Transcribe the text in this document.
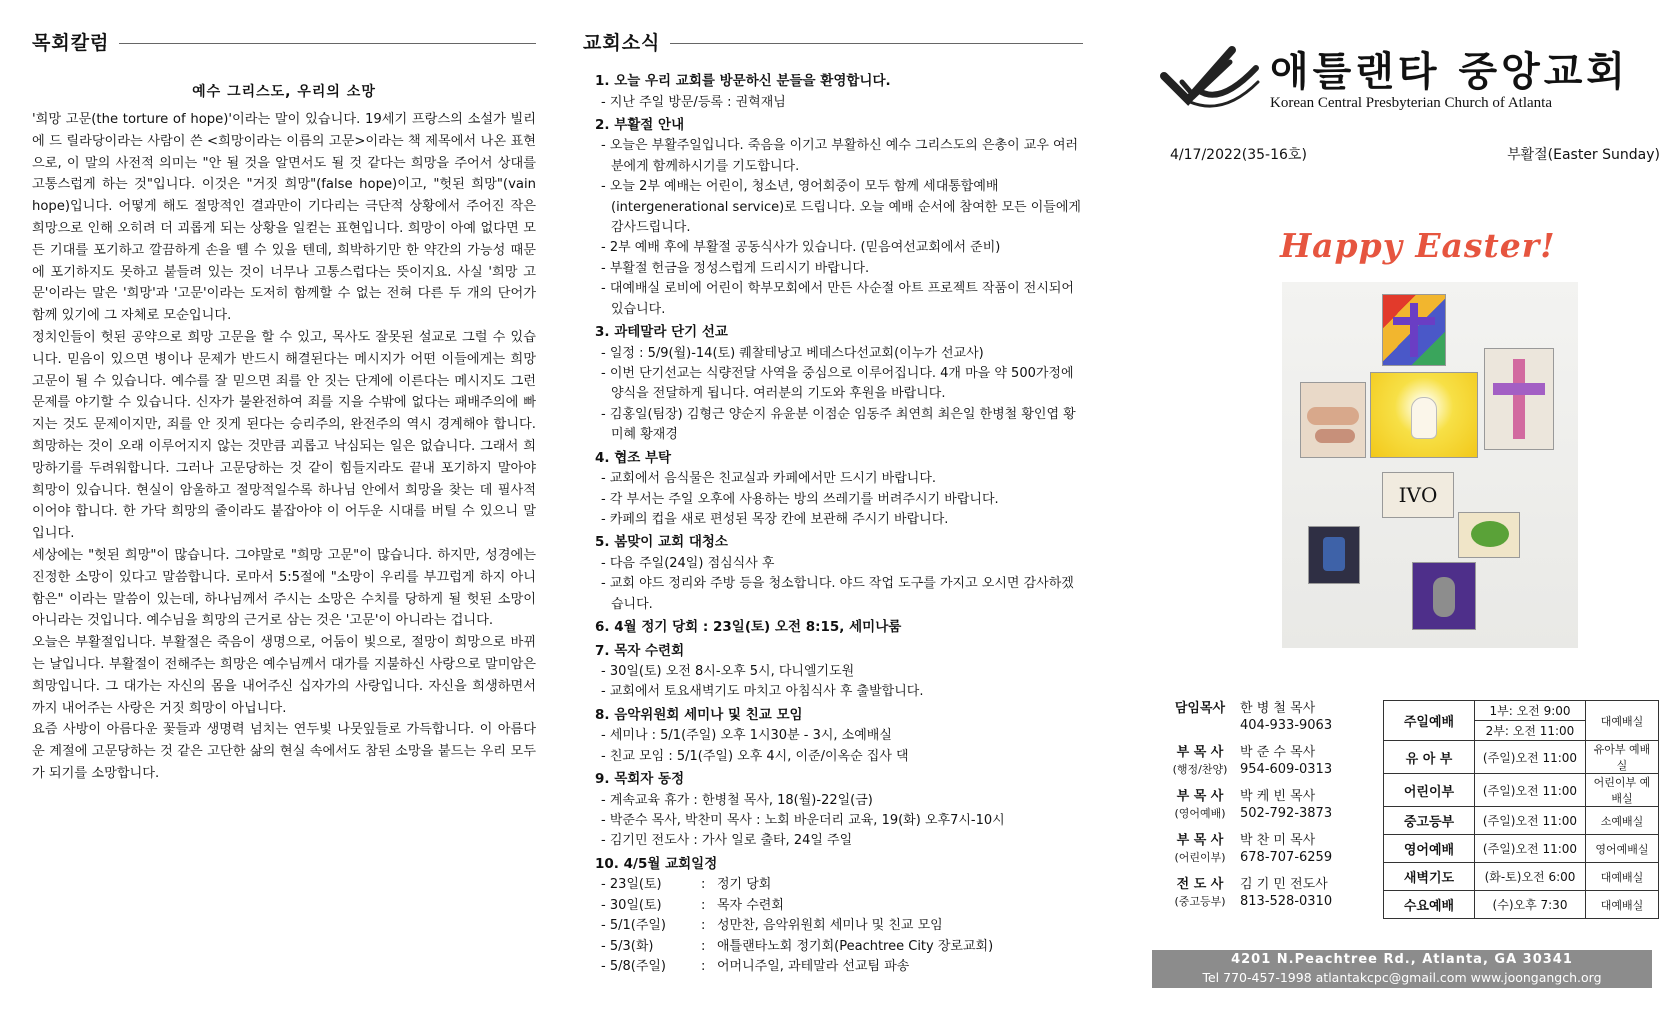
목회칼럼
예수 그리스도, 우리의 소망

'희망 고문(the torture of hope)'이라는 말이 있습니다. 19세기 프랑스의 소설가 빌리에 드 릴라당이라는 사람이 쓴 <희망이라는 이름의 고문>이라는 책 제목에서 나온 표현으로, 이 말의 사전적 의미는 "안 될 것을 알면서도 될 것 같다는 희망을 주어서 상대를 고통스럽게 하는 것"입니다. 이것은 "거짓 희망"(false hope)이고, "헛된 희망"(vain hope)입니다. 어떻게 해도 절망적인 결과만이 기다리는 극단적 상황에서 주어진 작은 희망으로 인해 오히려 더 괴롭게 되는 상황을 일컫는 표현입니다. 희망이 아예 없다면 모든 기대를 포기하고 깔끔하게 손을 뗄 수 있을 텐데, 희박하기만 한 약간의 가능성 때문에 포기하지도 못하고 붙들려 있는 것이 너무나 고통스럽다는 뜻이지요. 사실 '희망 고문'이라는 말은 '희망'과 '고문'이라는 도저히 함께할 수 없는 전혀 다른 두 개의 단어가 함께 있기에 그 자체로 모순입니다.

정치인들이 헛된 공약으로 희망 고문을 할 수 있고, 목사도 잘못된 설교로 그럴 수 있습니다. 믿음이 있으면 병이나 문제가 반드시 해결된다는 메시지가 어떤 이들에게는 희망 고문이 될 수 있습니다. 예수를 잘 믿으면 죄를 안 짓는 단계에 이른다는 메시지도 그런 문제를 야기할 수 있습니다. 신자가 불완전하여 죄를 지을 수밖에 없다는 패배주의에 빠지는 것도 문제이지만, 죄를 안 짓게 된다는 승리주의, 완전주의 역시 경계해야 합니다. 희망하는 것이 오래 이루어지지 않는 것만큼 괴롭고 낙심되는 일은 없습니다. 그래서 희망하기를 두려워합니다. 그러나 고문당하는 것 같이 힘들지라도 끝내 포기하지 말아야 희망이 있습니다. 현실이 암울하고 절망적일수록 하나님 안에서 희망을 찾는 데 필사적이어야 합니다. 한 가닥 희망의 줄이라도 붙잡아야 이 어두운 시대를 버틸 수 있으니 말입니다.

세상에는 "헛된 희망"이 많습니다. 그야말로 "희망 고문"이 많습니다. 하지만, 성경에는 진정한 소망이 있다고 말씀합니다. 로마서 5:5절에 "소망이 우리를 부끄럽게 하지 아니함은" 이라는 말씀이 있는데, 하나님께서 주시는 소망은 수치를 당하게 될 헛된 소망이 아니라는 것입니다. 예수님을 희망의 근거로 삼는 것은 '고문'이 아니라는 겁니다.

오늘은 부활절입니다. 부활절은 죽음이 생명으로, 어둠이 빛으로, 절망이 희망으로 바뀌는 날입니다. 부활절이 전해주는 희망은 예수님께서 대가를 지불하신 사랑으로 말미암은 희망입니다. 그 대가는 자신의 몸을 내어주신 십자가의 사랑입니다. 자신을 희생하면서까지 내어주는 사랑은 거짓 희망이 아닙니다.

요즘 사방이 아름다운 꽃들과 생명력 넘치는 연두빛 나뭇잎들로 가득합니다. 이 아름다운 계절에 고문당하는 것 같은 고단한 삶의 현실 속에서도 참된 소망을 붙드는 우리 모두가 되기를 소망합니다.

교회소식
1. 오늘 우리 교회를 방문하신 분들을 환영합니다.
- 지난 주일 방문/등록 : 권혁재님
2. 부활절 안내
- 오늘은 부활주일입니다. 죽음을 이기고 부활하신 예수 그리스도의 은총이 교우 여러분에게 함께하시기를 기도합니다.
- 오늘 2부 예배는 어린이, 청소년, 영어회중이 모두 함께 세대통합예배(intergenerational service)로 드립니다. 오늘 예배 순서에 참여한 모든 이들에게 감사드립니다.
- 2부 예배 후에 부활절 공동식사가 있습니다. (믿음여선교회에서 준비)
- 부활절 헌금을 정성스럽게 드리시기 바랍니다.
- 대예배실 로비에 어린이 학부모회에서 만든 사순절 아트 프로젝트 작품이 전시되어 있습니다.
3. 과테말라 단기 선교
- 일정 : 5/9(월)-14(토) 퀘찰테낭고 베데스다선교회(이누가 선교사)
- 이번 단기선교는 식량전달 사역을 중심으로 이루어집니다. 4개 마을 약 500가정에 양식을 전달하게 됩니다. 여러분의 기도와 후원을 바랍니다.
- 김홍일(팀장) 김형근 양순지 유윤분 이점순 임동주 최연희 최은일 한병철 황인엽 황미혜 황재경
4. 협조 부탁
- 교회에서 음식물은 친교실과 카페에서만 드시기 바랍니다.
- 각 부서는 주일 오후에 사용하는 방의 쓰레기를 버려주시기 바랍니다.
- 카페의 컵을 새로 편성된 목장 칸에 보관해 주시기 바랍니다.
5. 봄맞이 교회 대청소
- 다음 주일(24일) 점심식사 후
- 교회 야드 정리와 주방 등을 청소합니다. 야드 작업 도구를 가지고 오시면 감사하겠습니다.
6. 4월 정기 당회 : 23일(토) 오전 8:15, 세미나룸
7. 목자 수련회
- 30일(토) 오전 8시-오후 5시, 다니엘기도원
- 교회에서 토요새벽기도 마치고 아침식사 후 출발합니다.
8. 음악위원회 세미나 및 친교 모임
- 세미나 : 5/1(주일) 오후 1시30분 - 3시, 소예배실
- 친교 모임 : 5/1(주일) 오후 4시, 이준/이옥순 집사 댁
9. 목회자 동정
- 계속교육 휴가 : 한병철 목사, 18(월)-22일(금)
- 박준수 목사, 박찬미 목사 : 노회 바운더리 교육, 19(화) 오후7시-10시
- 김기민 전도사 : 가사 일로 출타, 24일 주일
10. 4/5월 교회일정
- 23일(토)	: 정기 당회
- 30일(토)	: 목자 수련회
- 5/1(주일)	: 성만찬, 음악위원회 세미나 및 친교 모임
- 5/3(화)	: 애틀랜타노회 정기회(Peachtree City 장로교회)
- 5/8(주일)	: 어머니주일, 과테말라 선교팀 파송
애틀랜타 중앙교회
Korean Central Presbyterian Church of Atlanta
4/17/2022(35-16호)	부활절(Easter Sunday)
Happy Easter!
ⅠⅤO
담임목사	한 병 철 목사
404-933-9063
부 목 사
(행정/찬양)
박 준 수 목사
954-609-0313
부 목 사
(영어예배)
박 케 빈 목사
502-792-3873
부 목 사
(어린이부)
박 찬 미 목사
678-707-6259
전 도 사
(중고등부)
김 기 민 전도사
813-528-0310
주일예배	1부: 오전 9:00	대예배실
	2부: 오전 11:00	
유 아 부	(주일)오전 11:00	유아부 예배실
어린이부	(주일)오전 11:00	어린이부 예배실
중고등부	(주일)오전 11:00	소예배실
영어예배	(주일)오전 11:00	영어예배실
새벽기도	(화-토)오전 6:00	대예배실
수요예배	(수)오후 7:30	대예배실
4201 N.Peachtree Rd., Atlanta, GA 30341
Tel 770-457-1998 atlantakcpc@gmail.com www.joongangch.org
